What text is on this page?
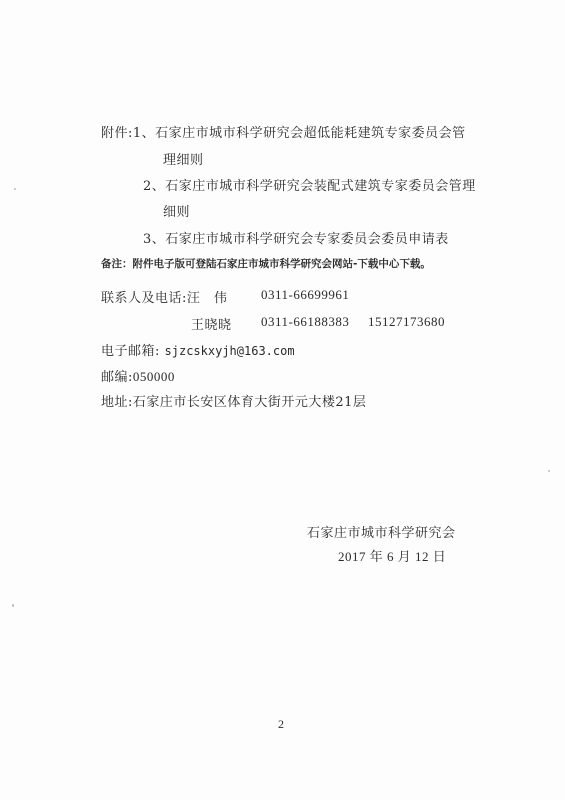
附件:1、石家庄市城市科学研究会超低能耗建筑专家委员会管
理细则
2、石家庄市城市科学研究会装配式建筑专家委员会管理
细则
3、石家庄市城市科学研究会专家委员会委员申请表
备注：附件电子版可登陆石家庄市城市科学研究会网站-下载中心下载。
联系人及电话:汪　伟	0311-66699961
王晓晓 0311-66188383 15127173680
电子邮箱: sjzcskxyjh@163.com
邮编:050000
地址:石家庄市长安区体育大街开元大楼21层
石家庄市城市科学研究会
2017 年 6 月 12 日
2
